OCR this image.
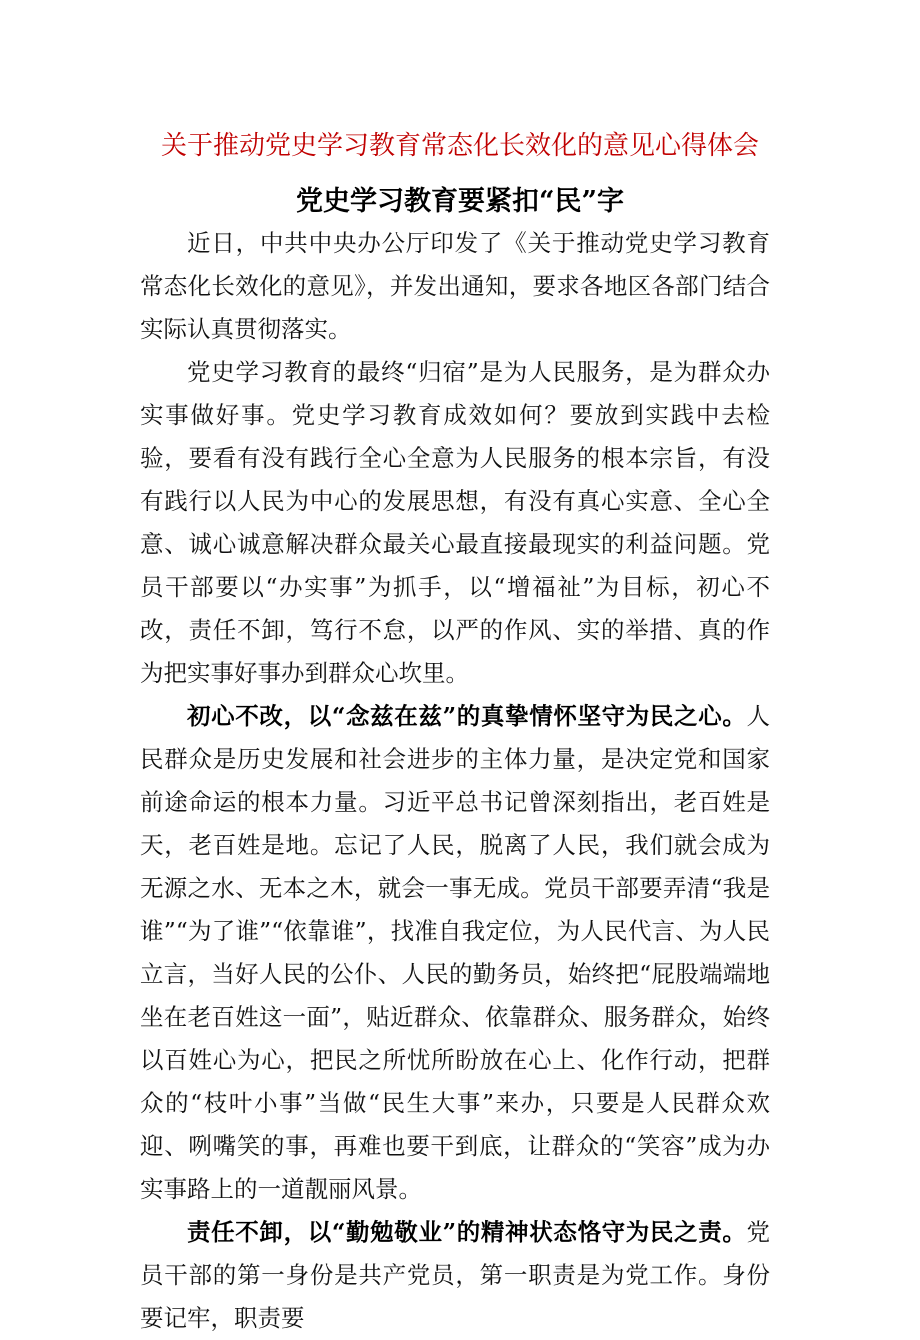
关于推动党史学习教育常态化长效化的意见心得体会
党史学习教育要紧扣“民”字

近日，中共中央办公厅印发了《关于推动党史学习教育常态化长效化的意见》，并发出通知，要求各地区各部门结合实际认真贯彻落实。

党史学习教育的最终“归宿”是为人民服务，是为群众办实事做好事。党史学习教育成效如何？要放到实践中去检验，要看有没有践行全心全意为人民服务的根本宗旨，有没有践行以人民为中心的发展思想，有没有真心实意、全心全意、诚心诚意解决群众最关心最直接最现实的利益问题。党员干部要以“办实事”为抓手，以“增福祉”为目标，初心不改，责任不卸，笃行不怠，以严的作风、实的举措、真的作为把实事好事办到群众心坎里。

初心不改，以“念兹在兹”的真挚情怀坚守为民之心。人民群众是历史发展和社会进步的主体力量，是决定党和国家前途命运的根本力量。习近平总书记曾深刻指出，老百姓是天，老百姓是地。忘记了人民，脱离了人民，我们就会成为无源之水、无本之木，就会一事无成。党员干部要弄清“我是谁”“为了谁”“依靠谁”，找准自我定位，为人民代言、为人民立言，当好人民的公仆、人民的勤务员，始终把“屁股端端地坐在老百姓这一面”，贴近群众、依靠群众、服务群众，始终以百姓心为心，把民之所忧所盼放在心上、化作行动，把群众的“枝叶小事”当做“民生大事”来办，只要是人民群众欢迎、咧嘴笑的事，再难也要干到底，让群众的“笑容”成为办实事路上的一道靓丽风景。

责任不卸，以“勤勉敬业”的精神状态恪守为民之责。党员干部的第一身份是共产党员，第一职责是为党工作。身份要记牢，职责要
